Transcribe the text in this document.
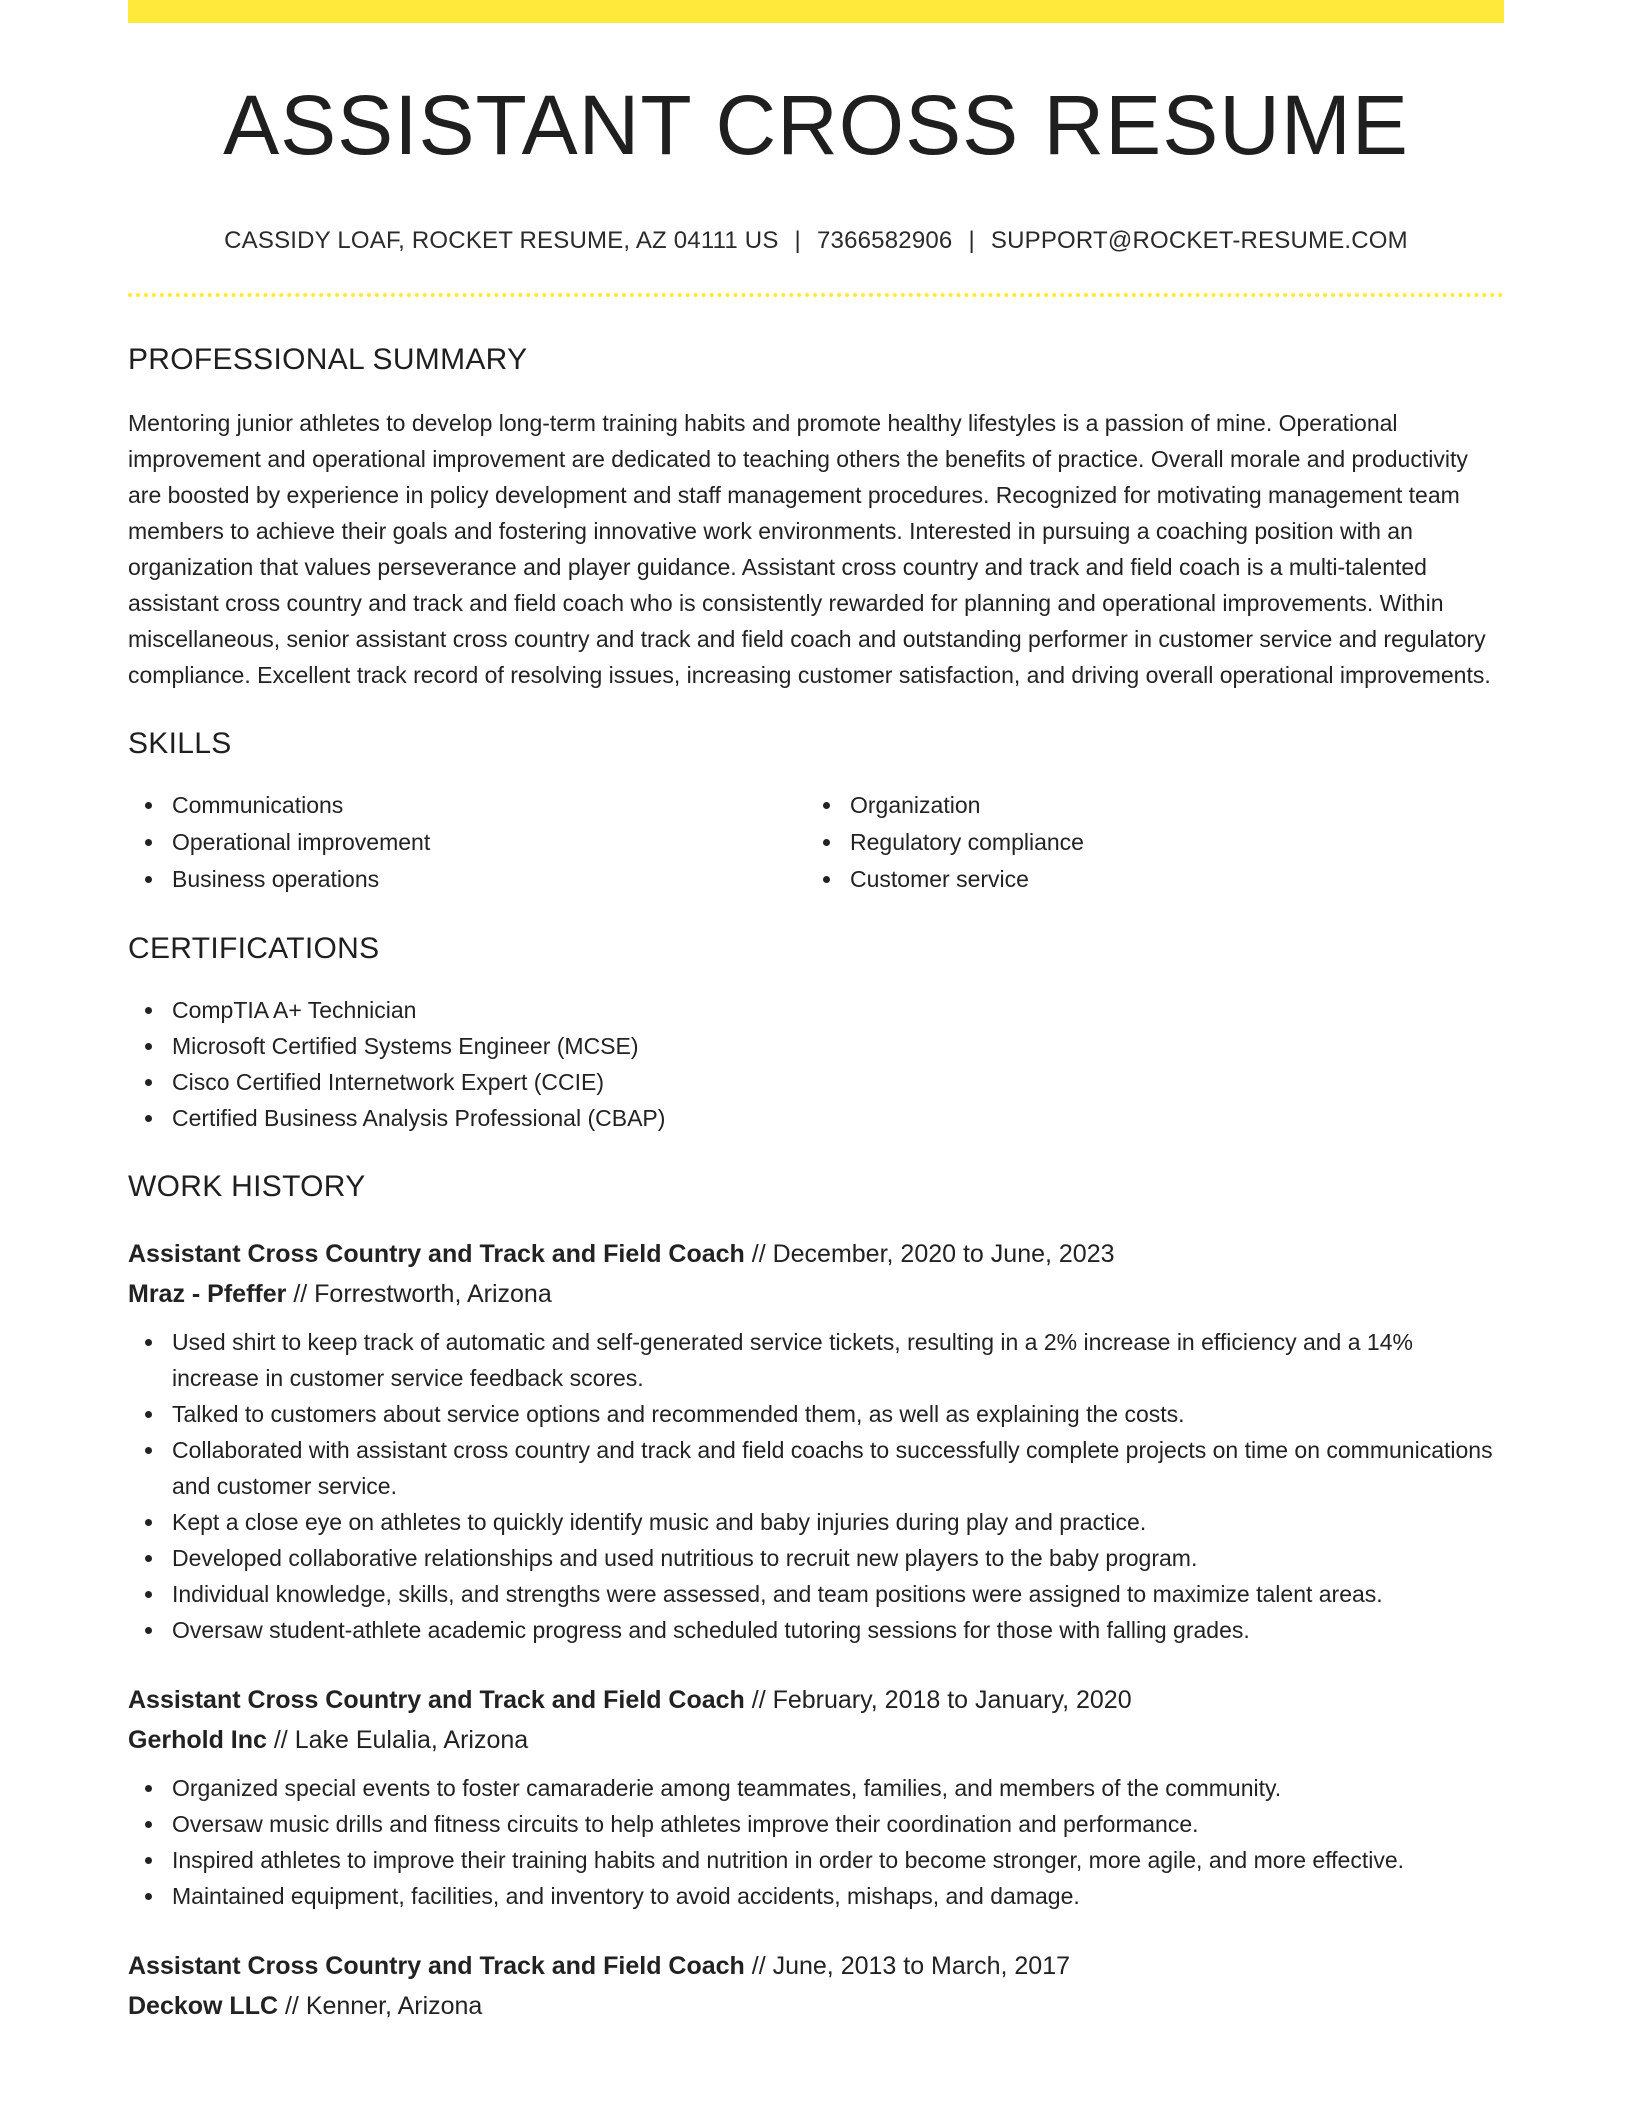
ASSISTANT CROSS RESUME
CASSIDY LOAF, ROCKET RESUME, AZ 04111 US | 7366582906 | SUPPORT@ROCKET-RESUME.COM
PROFESSIONAL SUMMARY

Mentoring junior athletes to develop long-term training habits and promote healthy lifestyles is a passion of mine. Operational improvement and operational improvement are dedicated to teaching others the benefits of practice. Overall morale and productivity are boosted by experience in policy development and staff management procedures. Recognized for motivating management team members to achieve their goals and fostering innovative work environments. Interested in pursuing a coaching position with an organization that values perseverance and player guidance. Assistant cross country and track and field coach is a multi-talented assistant cross country and track and field coach who is consistently rewarded for planning and operational improvements. Within miscellaneous, senior assistant cross country and track and field coach and outstanding performer in customer service and regulatory compliance. Excellent track record of resolving issues, increasing customer satisfaction, and driving overall operational improvements.

SKILLS
Communications	Organization
Operational improvement	Regulatory compliance
Business operations	Customer service
CERTIFICATIONS
CompTIA A+ Technician
Microsoft Certified Systems Engineer (MCSE)
Cisco Certified Internetwork Expert (CCIE)
Certified Business Analysis Professional (CBAP)
WORK HISTORY
Assistant Cross Country and Track and Field Coach // December, 2020 to June, 2023
Mraz - Pfeffer // Forrestworth, Arizona
Used shirt to keep track of automatic and self-generated service tickets, resulting in a 2% increase in efficiency and a 14% increase in customer service feedback scores.
Talked to customers about service options and recommended them, as well as explaining the costs.
Collaborated with assistant cross country and track and field coachs to successfully complete projects on time on communications and customer service.
Kept a close eye on athletes to quickly identify music and baby injuries during play and practice.
Developed collaborative relationships and used nutritious to recruit new players to the baby program.
Individual knowledge, skills, and strengths were assessed, and team positions were assigned to maximize talent areas.
Oversaw student-athlete academic progress and scheduled tutoring sessions for those with falling grades.
Assistant Cross Country and Track and Field Coach // February, 2018 to January, 2020
Gerhold Inc // Lake Eulalia, Arizona
Organized special events to foster camaraderie among teammates, families, and members of the community.
Oversaw music drills and fitness circuits to help athletes improve their coordination and performance.
Inspired athletes to improve their training habits and nutrition in order to become stronger, more agile, and more effective.
Maintained equipment, facilities, and inventory to avoid accidents, mishaps, and damage.
Assistant Cross Country and Track and Field Coach // June, 2013 to March, 2017
Deckow LLC // Kenner, Arizona
